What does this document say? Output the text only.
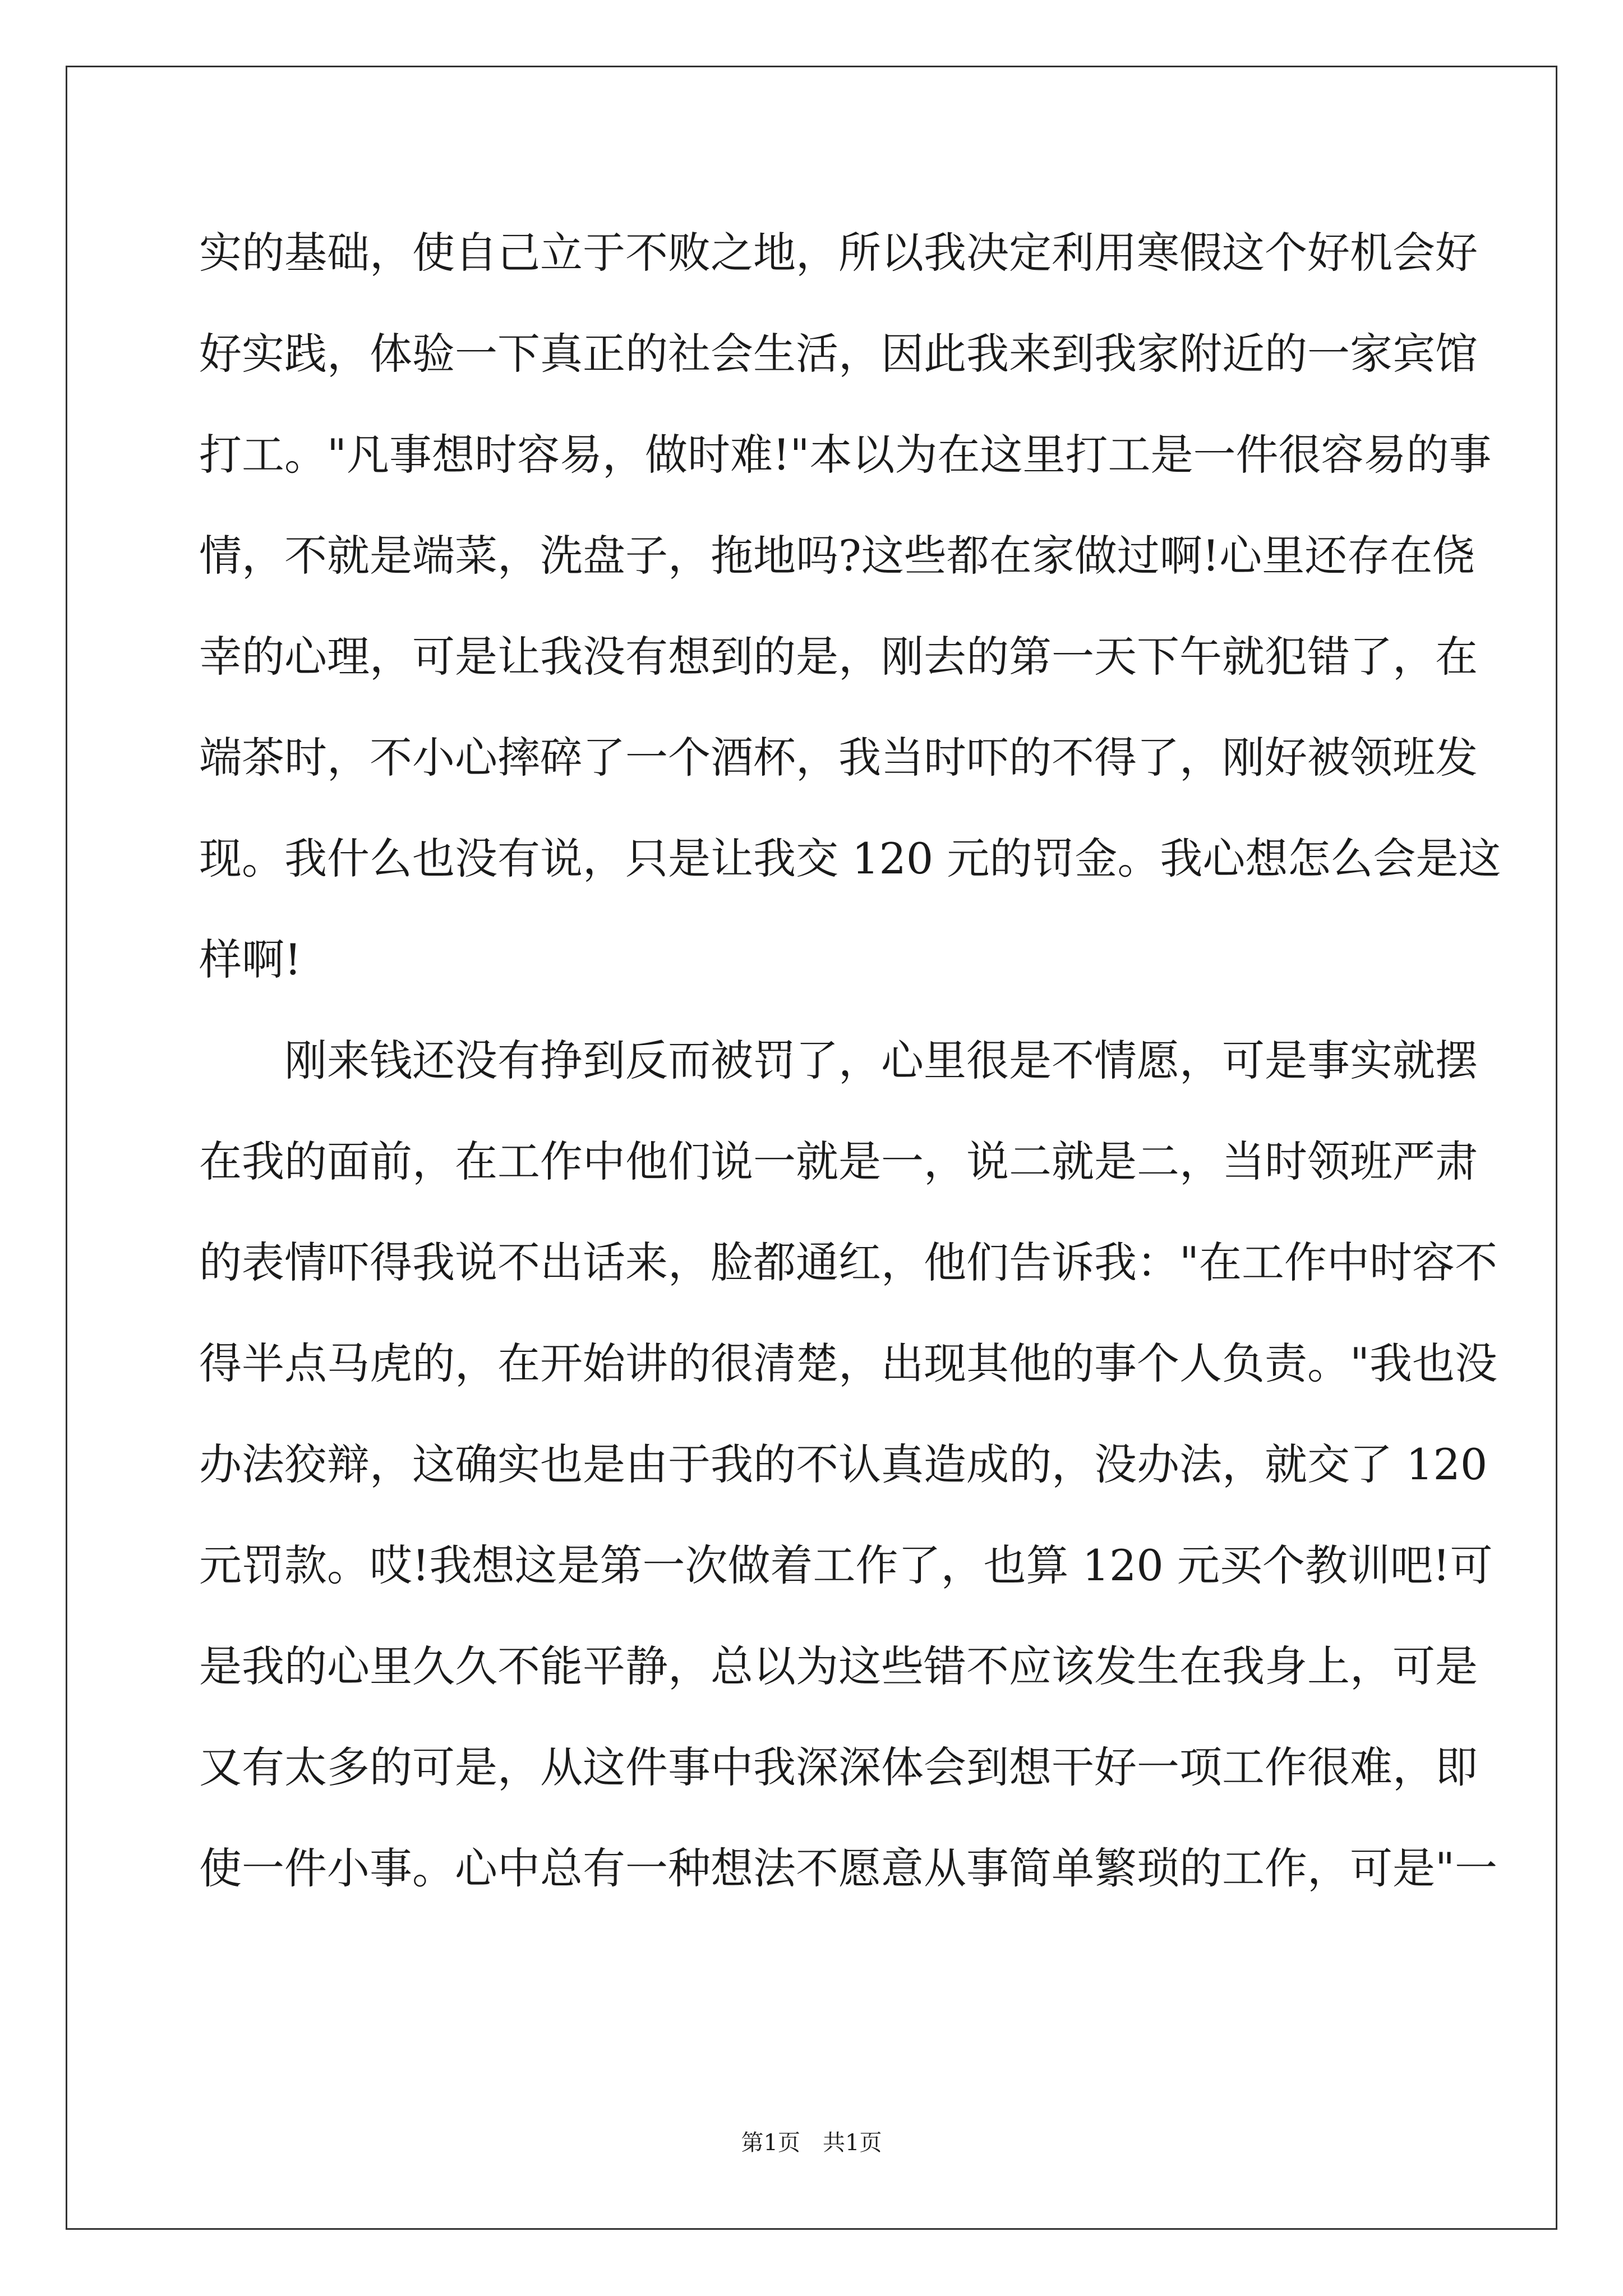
实的基础，使自己立于不败之地，所以我决定利用寒假这个好机会好
好实践，体验一下真正的社会生活，因此我来到我家附近的一家宾馆
打工。"凡事想时容易，做时难!"本以为在这里打工是一件很容易的事
情，不就是端菜，洗盘子，拖地吗?这些都在家做过啊!心里还存在侥
幸的心理，可是让我没有想到的是，刚去的第一天下午就犯错了，在
端茶时，不小心摔碎了一个酒杯，我当时吓的不得了，刚好被领班发
现。我什么也没有说，只是让我交 120 元的罚金。我心想怎么会是这
样啊!
刚来钱还没有挣到反而被罚了，心里很是不情愿，可是事实就摆
在我的面前，在工作中他们说一就是一，说二就是二，当时领班严肃
的表情吓得我说不出话来，脸都通红，他们告诉我："在工作中时容不
得半点马虎的，在开始讲的很清楚，出现其他的事个人负责。"我也没
办法狡辩，这确实也是由于我的不认真造成的，没办法，就交了 120
元罚款。哎!我想这是第一次做着工作了，也算 120 元买个教训吧!可
是我的心里久久不能平静，总以为这些错不应该发生在我身上，可是
又有太多的可是，从这件事中我深深体会到想干好一项工作很难，即
使一件小事。心中总有一种想法不愿意从事简单繁琐的工作，可是"一
第1页 共1页
